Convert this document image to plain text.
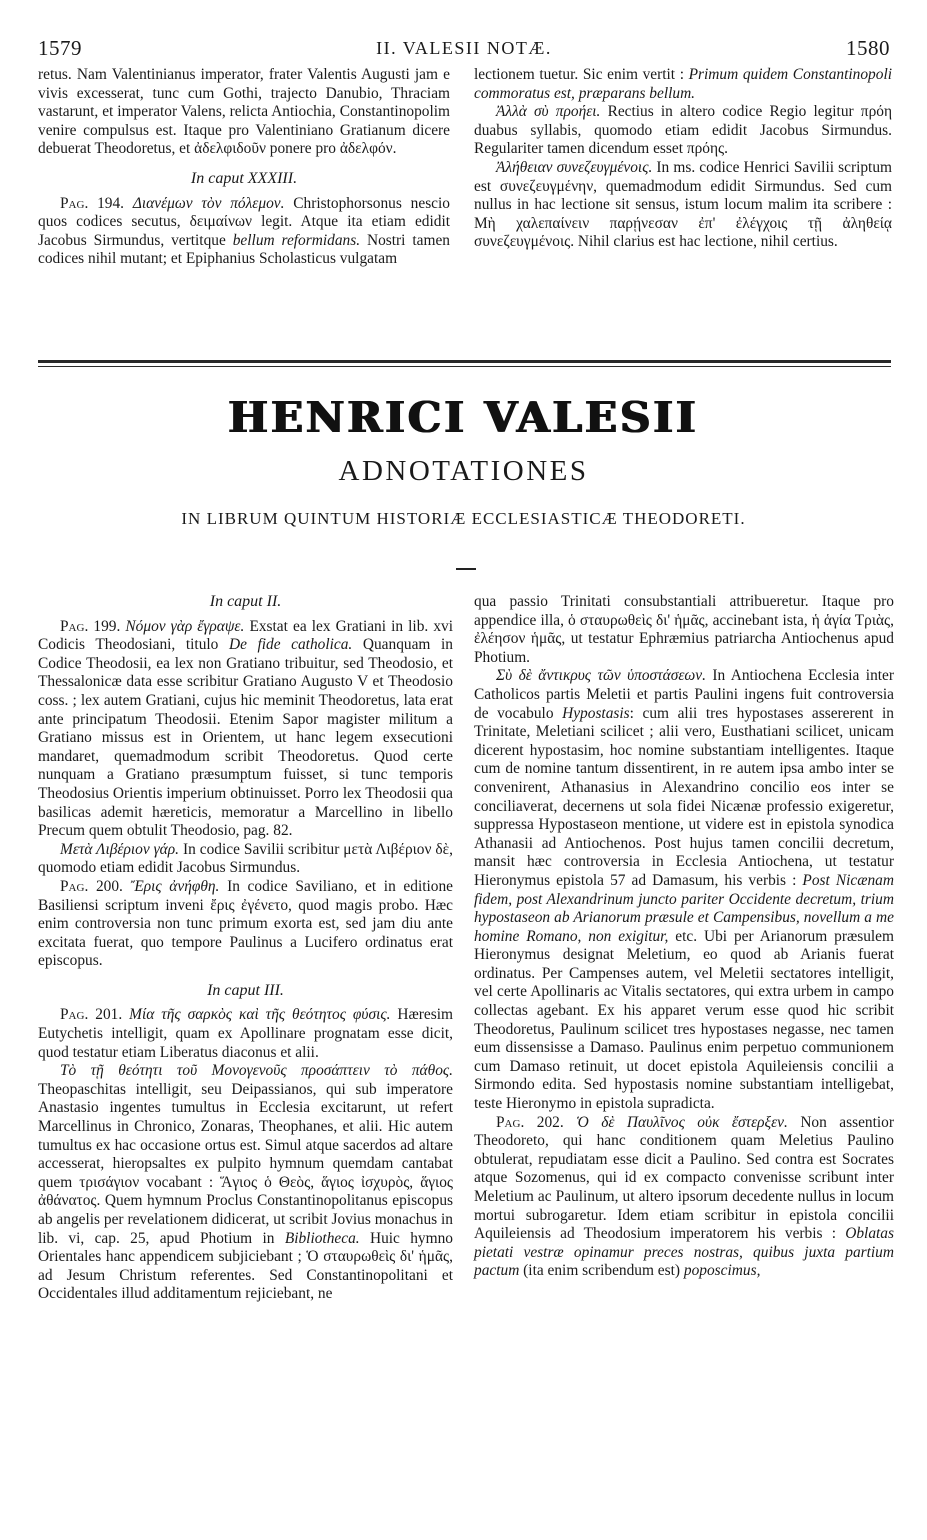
1579	II. VALESII NOTÆ.	1580

retus. Nam Valentinianus imperator, frater Valentis Augusti jam e vivis excesserat, tunc cum Gothi, trajecto Danubio, Thraciam vastarunt, et imperator Valens, relicta Antiochia, Constantinopolim venire compulsus est. Itaque pro Valentiniano Gratianum dicere debuerat Theodoretus, et ἀδελφιδοῦν ponere pro ἀδελφόν.

In caput XXXIII.

Pag. 194. Διανέμων τὸν πόλεμον. Christophorsonus nescio quos codices secutus, δειμαίνων legit. Atque ita etiam edidit Jacobus Sirmundus, vertitque bellum reformidans. Nostri tamen codices nihil mutant; et Epiphanius Scholasticus vulgatam

lectionem tuetur. Sic enim vertit : Primum quidem Constantinopoli commoratus est, præparans bellum.

Ἀλλὰ σὺ προήει. Rectius in altero codice Regio legitur πρόη duabus syllabis, quomodo etiam edidit Jacobus Sirmundus. Regulariter tamen dicendum esset πρόης.

Ἀλήθειαν συνεζευγμένοις. In ms. codice Henrici Savilii scriptum est συνεζευγμένην, quemadmodum edidit Sirmundus. Sed cum nullus in hac lectione sit sensus, istum locum malim ita scribere : Μὴ χαλεπαίνειν παρῄνεσαν ἐπ' ἐλέγχοις τῇ ἀληθείᾳ συνεζευγμένοις. Nihil clarius est hac lectione, nihil certius.

HENRICI VALESII
ADNOTATIONES
IN LIBRUM QUINTUM HISTORIÆ ECCLESIASTICÆ THEODORETI.

In caput II.

Pag. 199. Νόμον γὰρ ἔγραψε. Exstat ea lex Gratiani in lib. xvi Codicis Theodosiani, titulo De fide catholica. Quanquam in Codice Theodosii, ea lex non Gratiano tribuitur, sed Theodosio, et Thessalonicæ data esse scribitur Gratiano Augusto V et Theodosio coss. ; lex autem Gratiani, cujus hic meminit Theodoretus, lata erat ante principatum Theodosii. Etenim Sapor magister militum a Gratiano missus est in Orientem, ut hanc legem exsecutioni mandaret, quemadmodum scribit Theodoretus. Quod certe nunquam a Gratiano præsumptum fuisset, si tunc temporis Theodosius Orientis imperium obtinuisset. Porro lex Theodosii qua basilicas ademit hæreticis, memoratur a Marcellino in libello Precum quem obtulit Theodosio, pag. 82.

Μετὰ Λιβέριον γάρ. In codice Savilii scribitur μετὰ Λιβέριον δὲ, quomodo etiam edidit Jacobus Sirmundus.

Pag. 200. Ἔρις ἀνήφθη. In codice Saviliano, et in editione Basiliensi scriptum inveni ἔρις ἐγένετο, quod magis probo. Hæc enim controversia non tunc primum exorta est, sed jam diu ante excitata fuerat, quo tempore Paulinus a Lucifero ordinatus erat episcopus.

In caput III.

Pag. 201. Μία τῆς σαρκὸς καὶ τῆς θεότητος φύσις. Hæresim Eutychetis intelligit, quam ex Apollinare prognatam esse dicit, quod testatur etiam Liberatus diaconus et alii.

Τὸ τῇ θεότητι τοῦ Μονογενοῦς προσάπτειν τὸ πάθος. Theopaschitas intelligit, seu Deipassianos, qui sub imperatore Anastasio ingentes tumultus in Ecclesia excitarunt, ut refert Marcellinus in Chronico, Zonaras, Theophanes, et alii. Hic autem tumultus ex hac occasione ortus est. Simul atque sacerdos ad altare accesserat, hieropsaltes ex pulpito hymnum quemdam cantabat quem τρισάγιον vocabant : Ἅγιος ὁ Θεὸς, ἅγιος ἰσχυρὸς, ἅγιος ἀθάνατος. Quem hymnum Proclus Constantinopolitanus episcopus ab angelis per revelationem didicerat, ut scribit Jovius monachus in lib. vi, cap. 25, apud Photium in Bibliotheca. Huic hymno Orientales hanc appendicem subjiciebant ; Ὁ σταυρωθεὶς δι' ἡμᾶς, ad Jesum Christum referentes. Sed Constantinopolitani et Occidentales illud additamentum rejiciebant, ne

qua passio Trinitati consubstantiali attribueretur. Itaque pro appendice illa, ὁ σταυρωθεὶς δι' ἡμᾶς, accinebant ista, ἡ ἁγία Τριὰς, ἐλέησον ἡμᾶς, ut testatur Ephræmius patriarcha Antiochenus apud Photium.

Σὺ δὲ ἄντικρυς τῶν ὑποστάσεων. In Antiochena Ecclesia inter Catholicos partis Meletii et partis Paulini ingens fuit controversia de vocabulo Hypostasis: cum alii tres hypostases assererent in Trinitate, Meletiani scilicet ; alii vero, Eusthatiani scilicet, unicam dicerent hypostasim, hoc nomine substantiam intelligentes. Itaque cum de nomine tantum dissentirent, in re autem ipsa ambo inter se convenirent, Athanasius in Alexandrino concilio eos inter se conciliaverat, decernens ut sola fidei Nicænæ professio exigeretur, suppressa Hypostaseon mentione, ut videre est in epistola synodica Athanasii ad Antiochenos. Post hujus tamen concilii decretum, mansit hæc controversia in Ecclesia Antiochena, ut testatur Hieronymus epistola 57 ad Damasum, his verbis : Post Nicænam fidem, post Alexandrinum juncto pariter Occidente decretum, trium hypostaseon ab Arianorum præsule et Campensibus, novellum a me homine Romano, non exigitur, etc. Ubi per Arianorum præsulem Hieronymus designat Meletium, eo quod ab Arianis fuerat ordinatus. Per Campenses autem, vel Meletii sectatores intelligit, vel certe Apollinaris ac Vitalis sectatores, qui extra urbem in campo collectas agebant. Ex his apparet verum esse quod hic scribit Theodoretus, Paulinum scilicet tres hypostases negasse, nec tamen eum dissensisse a Damaso. Paulinus enim perpetuo communionem cum Damaso retinuit, ut docet epistola Aquileiensis concilii a Sirmondo edita. Sed hypostasis nomine substantiam intelligebat, teste Hieronymo in epistola supradicta.

Pag. 202. Ὁ δὲ Παυλῖνος οὐκ ἔστερξεν. Non assentior Theodoreto, qui hanc conditionem quam Meletius Paulino obtulerat, repudiatam esse dicit a Paulino. Sed contra est Socrates atque Sozomenus, qui id ex compacto convenisse scribunt inter Meletium ac Paulinum, ut altero ipsorum decedente nullus in locum mortui subrogaretur. Idem etiam scribitur in epistola concilii Aquileiensis ad Theodosium imperatorem his verbis : Oblatas pietati vestræ opinamur preces nostras, quibus juxta partium pactum (ita enim scribendum est) poposcimus,
